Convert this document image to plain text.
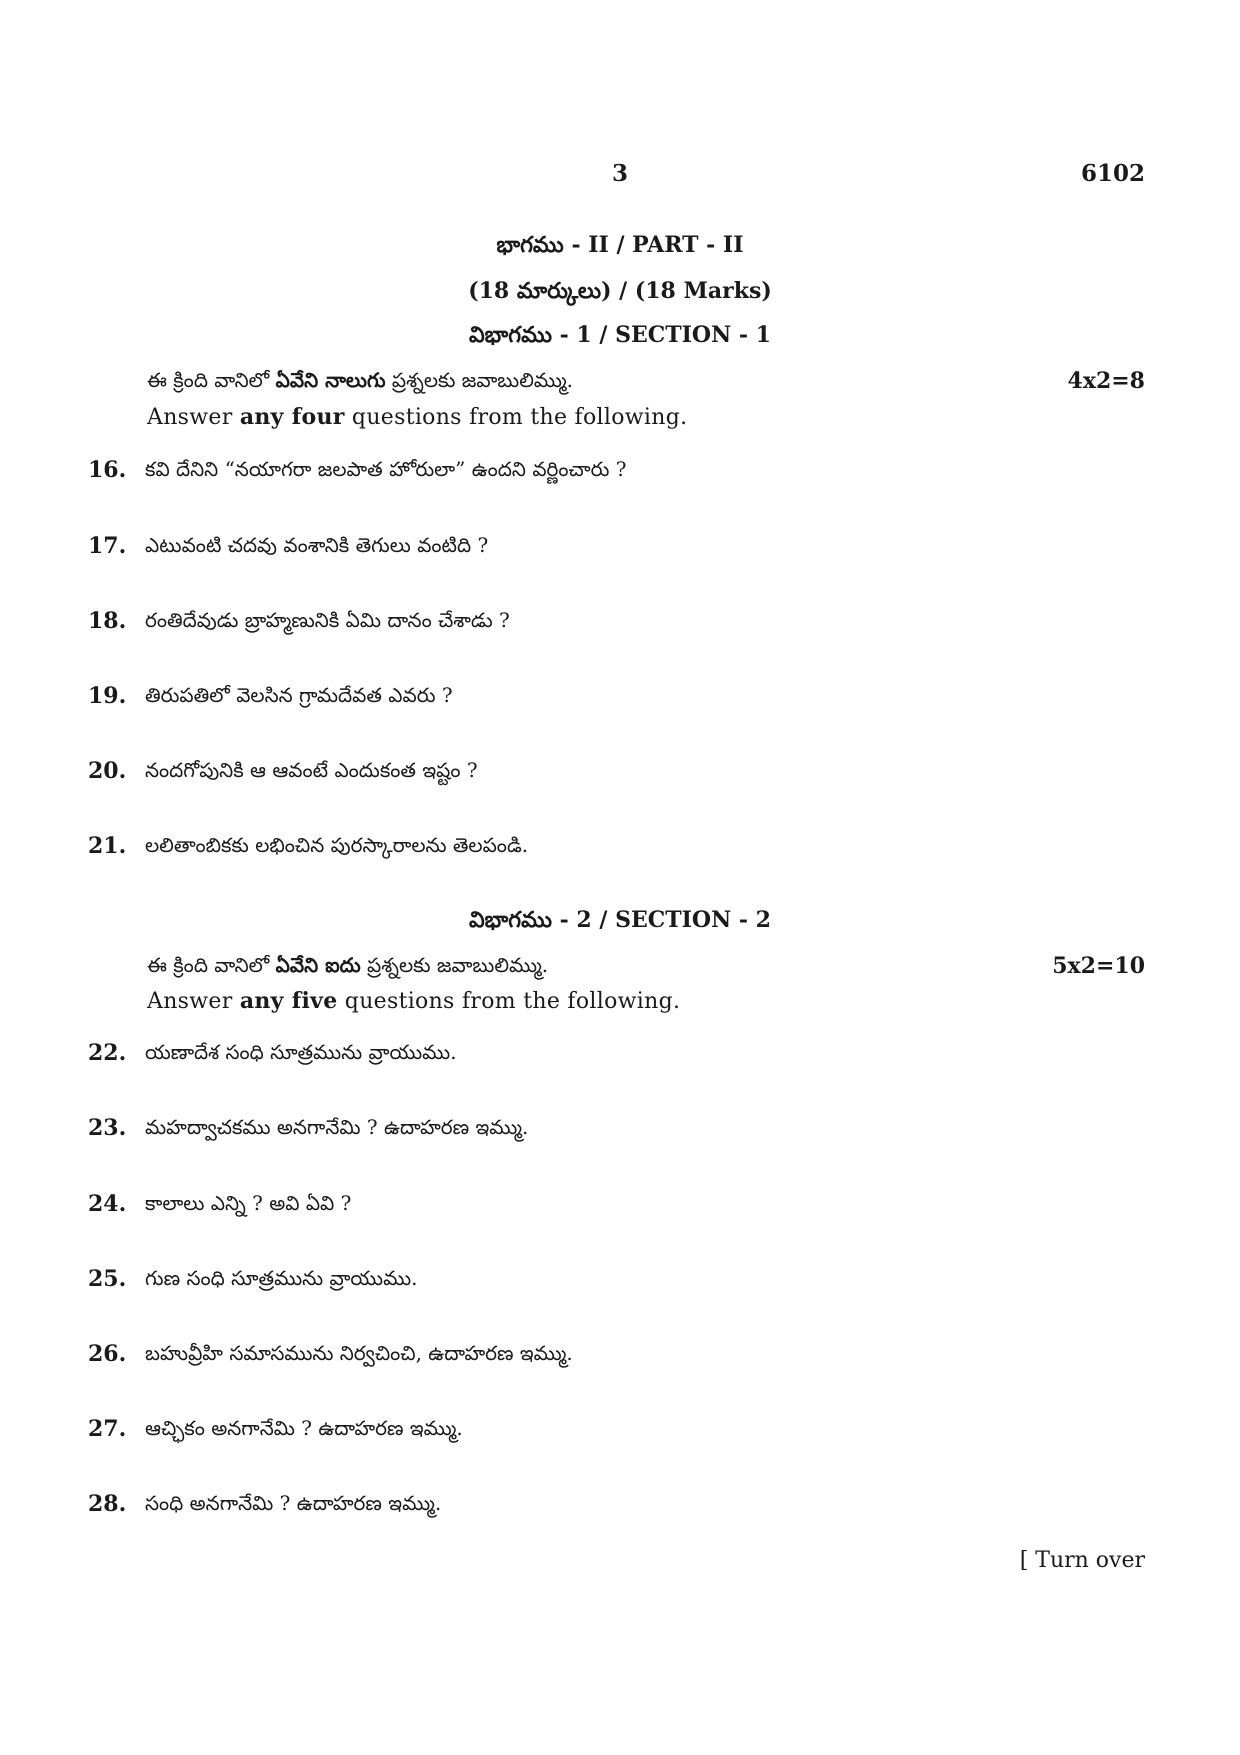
3	6102
భాగము - II / PART - II
(18 మార్కులు) / (18 Marks)
విభాగము - 1 / SECTION - 1
ఈ క్రింది వానిలో ఏవేని నాలుగు ప్రశ్నలకు జవాబులిమ్ము.	4x2=8
Answer any four questions from the following.
16. కవి దేనిని “నయాగరా జలపాత హోరులా” ఉందని వర్ణించారు ?
17. ఎటువంటి చదవు వంశానికి తెగులు వంటిది ?
18. రంతిదేవుడు బ్రాహ్మణునికి ఏమి దానం చేశాడు ?
19. తిరుపతిలో వెలసిన గ్రామదేవత ఎవరు ?
20. నందగోపునికి ఆ ఆవంటే ఎందుకంత ఇష్టం ?
21. లలితాంబికకు లభించిన పురస్కారాలను తెలపండి.
విభాగము - 2 / SECTION - 2
ఈ క్రింది వానిలో ఏవేని ఐదు ప్రశ్నలకు జవాబులిమ్ము.	5x2=10
Answer any five questions from the following.
22. యణాదేశ సంధి సూత్రమును వ్రాయుము.
23. మహద్వాచకము అనగానేమి ? ఉదాహరణ ఇమ్ము.
24. కాలాలు ఎన్ని ? అవి ఏవి ?
25. గుణ సంధి సూత్రమును వ్రాయుము.
26. బహువ్రీహి సమాసమును నిర్వచించి, ఉదాహరణ ఇమ్ము.
27. ఆచ్ఛికం అనగానేమి ? ఉదాహరణ ఇమ్ము.
28. సంధి అనగానేమి ? ఉదాహరణ ఇమ్ము.
[ Turn over
